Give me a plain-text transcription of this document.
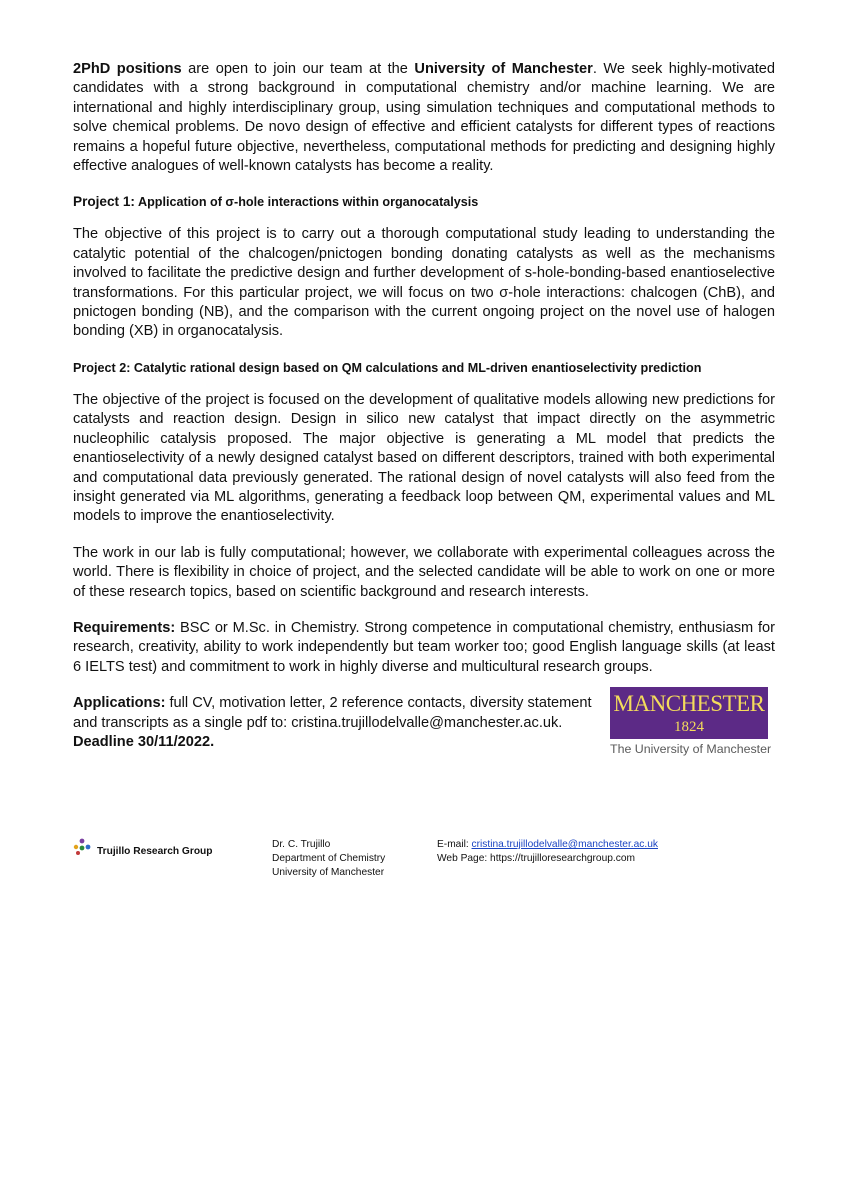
2PhD positions are open to join our team at the University of Manchester. We seek highly-motivated candidates with a strong background in computational chemistry and/or machine learning. We are international and highly interdisciplinary group, using simulation techniques and computational methods to solve chemical problems. De novo design of effective and efficient catalysts for different types of reactions remains a hopeful future objective, nevertheless, computational methods for predicting and designing highly effective analogues of well-known catalysts has become a reality.

Project 1: Application of σ-hole interactions within organocatalysis

The objective of this project is to carry out a thorough computational study leading to understanding the catalytic potential of the chalcogen/pnictogen bonding donating catalysts as well as the mechanisms involved to facilitate the predictive design and further development of s-hole-bonding-based enantioselective transformations. For this particular project, we will focus on two σ-hole interactions: chalcogen (ChB), and pnictogen bonding (NB), and the comparison with the current ongoing project on the novel use of halogen bonding (XB) in organocatalysis.

Project 2: Catalytic rational design based on QM calculations and ML-driven enantioselectivity prediction

The objective of the project is focused on the development of qualitative models allowing new predictions for catalysts and reaction design. Design in silico new catalyst that impact directly on the asymmetric nucleophilic catalysis proposed. The major objective is generating a ML model that predicts the enantioselectivity of a newly designed catalyst based on different descriptors, trained with both experimental and computational data previously generated. The rational design of novel catalysts will also feed from the insight generated via ML algorithms, generating a feedback loop between QM, experimental values and ML models to improve the enantioselectivity.

The work in our lab is fully computational; however, we collaborate with experimental colleagues across the world. There is flexibility in choice of project, and the selected candidate will be able to work on one or more of these research topics, based on scientific background and research interests.

Requirements: BSC or M.Sc. in Chemistry. Strong competence in computational chemistry, enthusiasm for research, creativity, ability to work independently but team worker too; good English language skills (at least 6 IELTS test) and commitment to work in highly diverse and multicultural research groups.

Applications: full CV, motivation letter, 2 reference contacts, diversity statement and transcripts as a single pdf to: cristina.trujillodelvalle@manchester.ac.uk.
Deadline 30/11/2022.

MANCHESTER
1824
The University of Manchester
Trujillo Research Group
Dr. C. Trujillo
Department of Chemistry
University of Manchester
E-mail: cristina.trujillodelvalle@manchester.ac.uk
Web Page: https://trujilloresearchgroup.com
